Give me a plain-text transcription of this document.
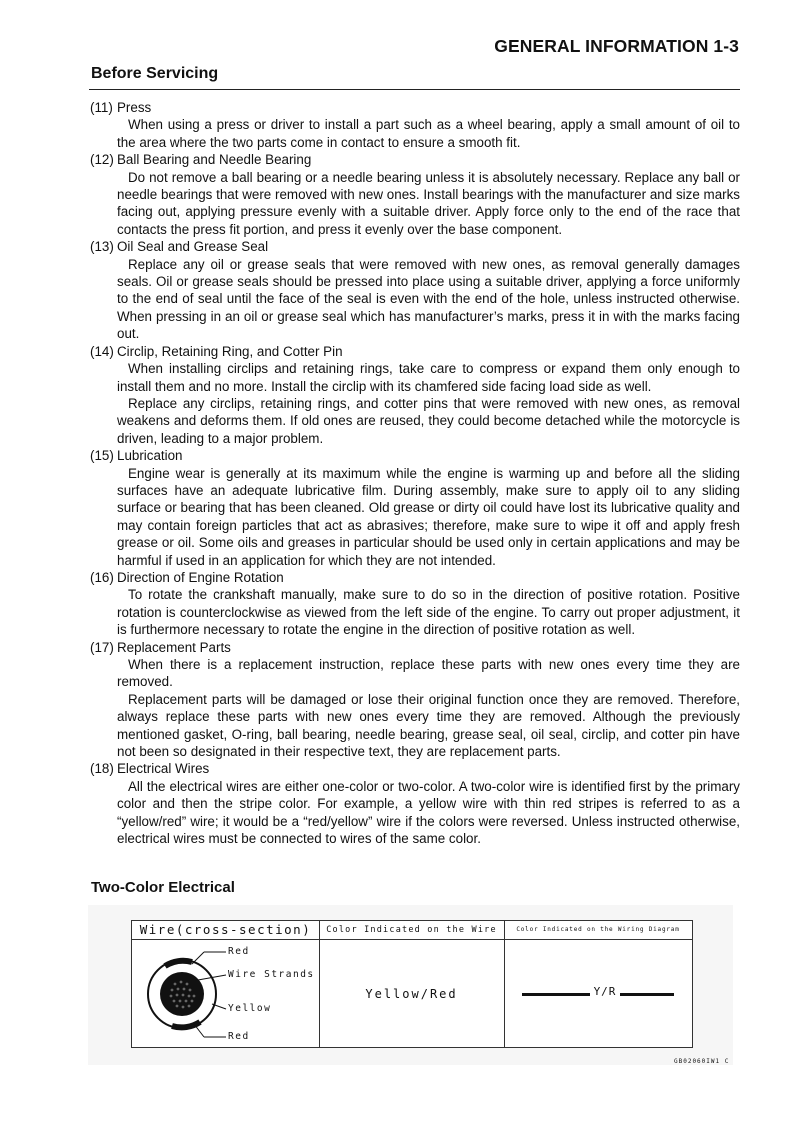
GENERAL INFORMATION 1-3
Before Servicing
(11) Press

When using a press or driver to install a part such as a wheel bearing, apply a small amount of oil to the area where the two parts come in contact to ensure a smooth fit.

(12) Ball Bearing and Needle Bearing

Do not remove a ball bearing or a needle bearing unless it is absolutely necessary. Replace any ball or needle bearings that were removed with new ones. Install bearings with the manufacturer and size marks facing out, applying pressure evenly with a suitable driver. Apply force only to the end of the race that contacts the press fit portion, and press it evenly over the base component.

(13) Oil Seal and Grease Seal

Replace any oil or grease seals that were removed with new ones, as removal generally damages seals. Oil or grease seals should be pressed into place using a suitable driver, applying a force uniformly to the end of seal until the face of the seal is even with the end of the hole, unless instructed otherwise. When pressing in an oil or grease seal which has manufacturer’s marks, press it in with the marks facing out.

(14) Circlip, Retaining Ring, and Cotter Pin

When installing circlips and retaining rings, take care to compress or expand them only enough to install them and no more. Install the circlip with its chamfered side facing load side as well.

Replace any circlips, retaining rings, and cotter pins that were removed with new ones, as removal weakens and deforms them. If old ones are reused, they could become detached while the motorcycle is driven, leading to a major problem.

(15) Lubrication

Engine wear is generally at its maximum while the engine is warming up and before all the sliding surfaces have an adequate lubricative film. During assembly, make sure to apply oil to any sliding surface or bearing that has been cleaned. Old grease or dirty oil could have lost its lubricative quality and may contain foreign particles that act as abrasives; therefore, make sure to wipe it off and apply fresh grease or oil. Some oils and greases in particular should be used only in certain applications and may be harmful if used in an application for which they are not intended.

(16) Direction of Engine Rotation

To rotate the crankshaft manually, make sure to do so in the direction of positive rotation. Positive rotation is counterclockwise as viewed from the left side of the engine. To carry out proper adjustment, it is furthermore necessary to rotate the engine in the direction of positive rotation as well.

(17) Replacement Parts

When there is a replacement instruction, replace these parts with new ones every time they are removed.

Replacement parts will be damaged or lose their original function once they are removed. Therefore, always replace these parts with new ones every time they are removed. Although the previously mentioned gasket, O-ring, ball bearing, needle bearing, grease seal, oil seal, circlip, and cotter pin have not been so designated in their respective text, they are replacement parts.

(18) Electrical Wires

All the electrical wires are either one-color or two-color. A two-color wire is identified first by the primary color and then the stripe color. For example, a yellow wire with thin red stripes is referred to as a “yellow/red” wire; it would be a “red/yellow” wire if the colors were reversed. Unless instructed otherwise, electrical wires must be connected to wires of the same color.

Two-Color Electrical
Wire(cross-section)
Red
Wire Strands
Yellow
Red
Color Indicated on the Wire
Yellow/Red
Color Indicated on the Wiring Diagram
Y/R
GB02060IW1 C
